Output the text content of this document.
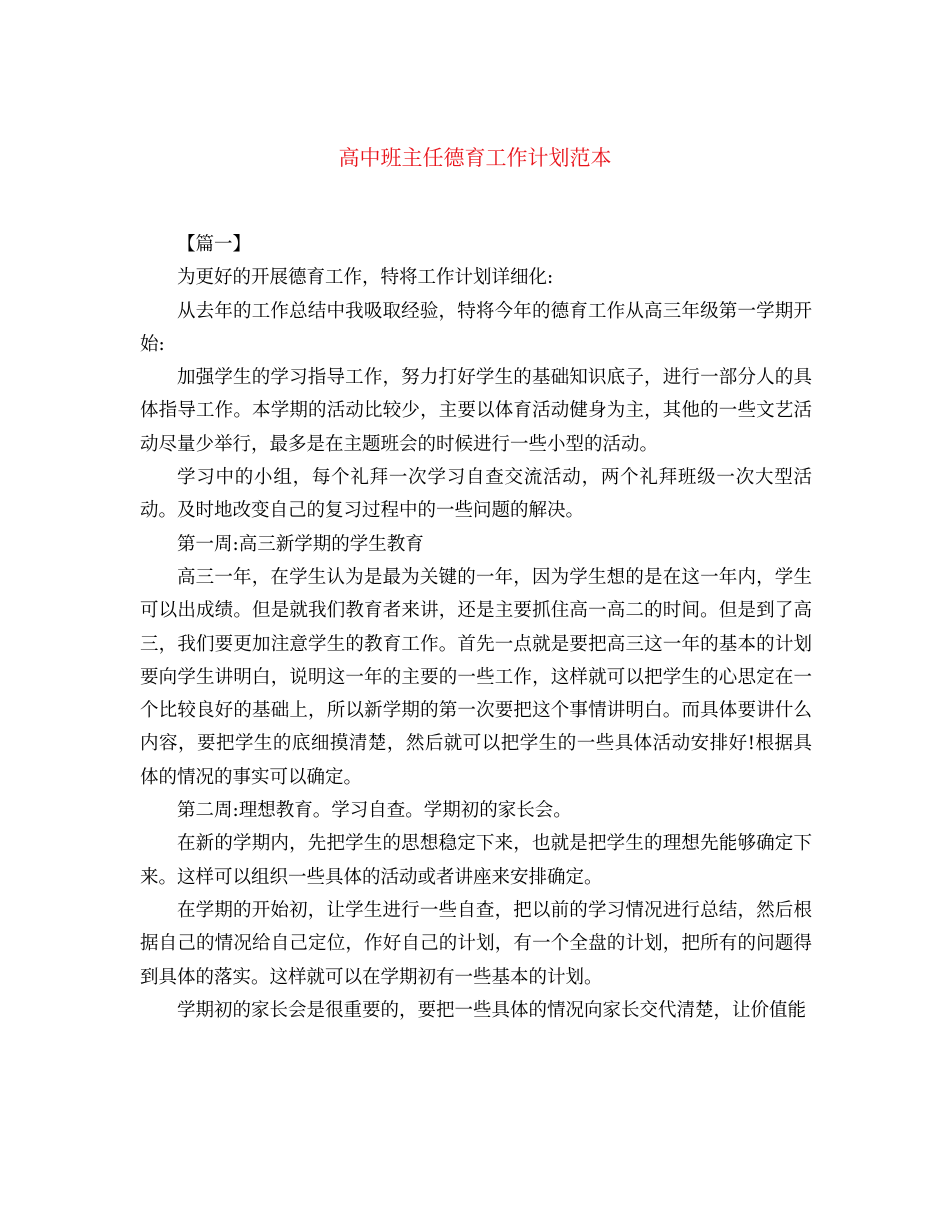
高中班主任德育工作计划范本

【篇一】

为更好的开展德育工作，特将工作计划详细化:

从去年的工作总结中我吸取经验，特将今年的德育工作从高三年级第一学期开始:

加强学生的学习指导工作，努力打好学生的基础知识底子，进行一部分人的具体指导工作。本学期的活动比较少，主要以体育活动健身为主，其他的一些文艺活动尽量少举行，最多是在主题班会的时候进行一些小型的活动。

学习中的小组，每个礼拜一次学习自查交流活动，两个礼拜班级一次大型活动。及时地改变自己的复习过程中的一些问题的解决。

第一周:高三新学期的学生教育

高三一年，在学生认为是最为关键的一年，因为学生想的是在这一年内，学生可以出成绩。但是就我们教育者来讲，还是主要抓住高一高二的时间。但是到了高三，我们要更加注意学生的教育工作。首先一点就是要把高三这一年的基本的计划要向学生讲明白，说明这一年的主要的一些工作，这样就可以把学生的心思定在一个比较良好的基础上，所以新学期的第一次要把这个事情讲明白。而具体要讲什么内容，要把学生的底细摸清楚，然后就可以把学生的一些具体活动安排好!根据具体的情况的事实可以确定。

第二周:理想教育。学习自查。学期初的家长会。

在新的学期内，先把学生的思想稳定下来，也就是把学生的理想先能够确定下来。这样可以组织一些具体的活动或者讲座来安排确定。

在学期的开始初，让学生进行一些自查，把以前的学习情况进行总结，然后根据自己的情况给自己定位，作好自己的计划，有一个全盘的计划，把所有的问题得到具体的落实。这样就可以在学期初有一些基本的计划。

学期初的家长会是很重要的，要把一些具体的情况向家长交代清楚，让价值能
